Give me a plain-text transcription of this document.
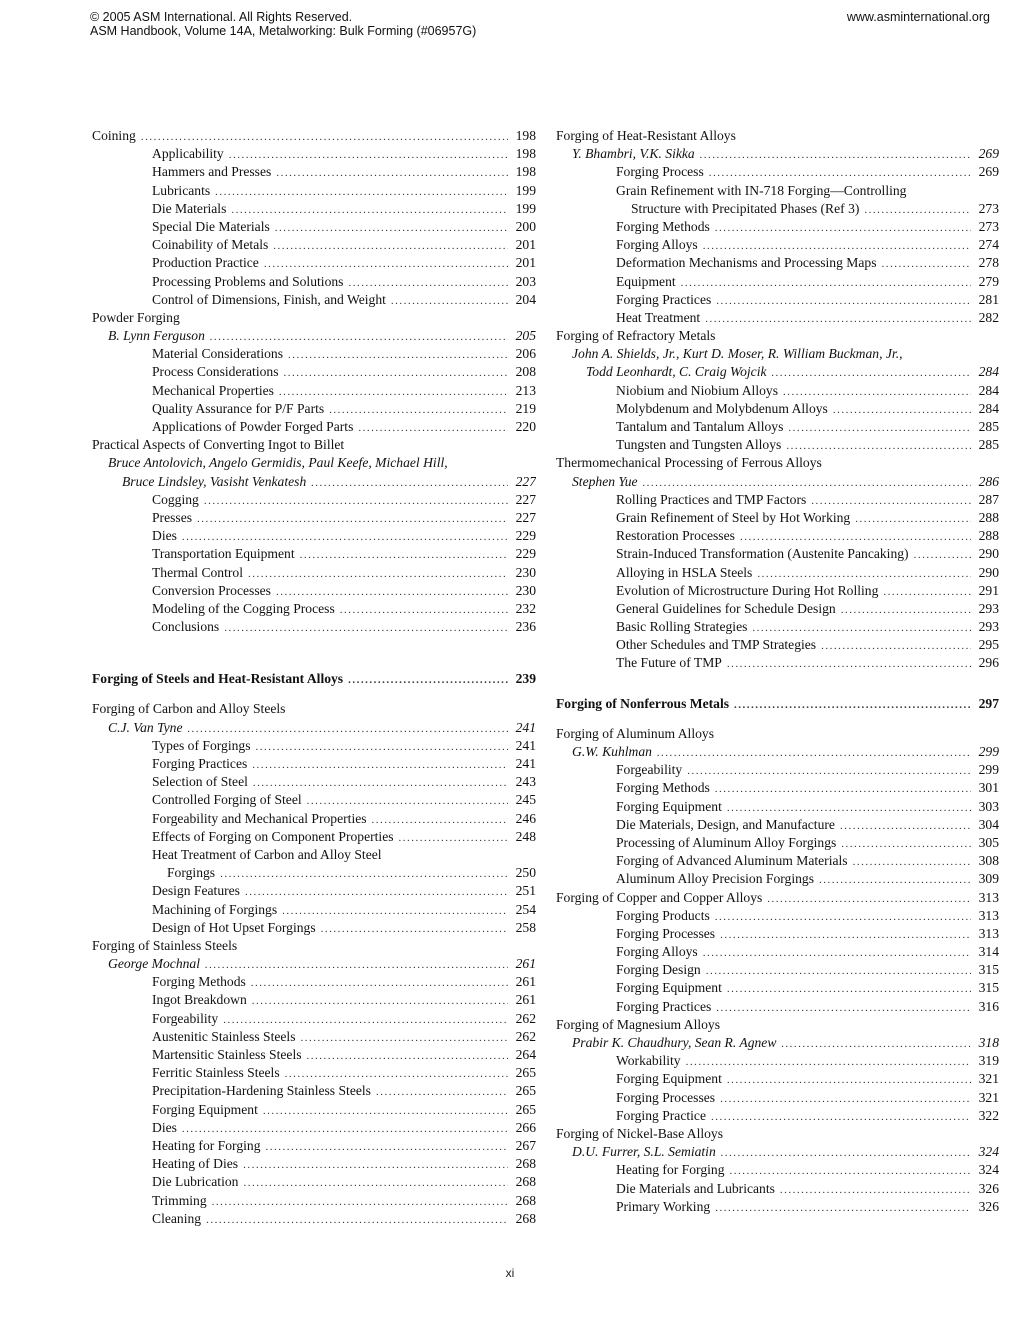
© 2005 ASM International. All Rights Reserved.
ASM Handbook, Volume 14A, Metalworking: Bulk Forming (#06957G)
www.asminternational.org
Coining .....	198
Applicability .....	198
Hammers and Presses .....	198
Lubricants .....	199
Die Materials .....	199
Special Die Materials .....	200
Coinability of Metals .....	201
Production Practice .....	201
Processing Problems and Solutions .....	203
Control of Dimensions, Finish, and Weight .....	204
Powder Forging
B. Lynn Ferguson .....	205
Material Considerations .....	206
Process Considerations .....	208
Mechanical Properties .....	213
Quality Assurance for P/F Parts .....	219
Applications of Powder Forged Parts .....	220
Practical Aspects of Converting Ingot to Billet
Bruce Antolovich, Angelo Germidis, Paul Keefe, Michael Hill,
Bruce Lindsley, Vasisht Venkatesh .....	227
Cogging .....	227
Presses .....	227
Dies .....	229
Transportation Equipment .....	229
Thermal Control .....	230
Conversion Processes .....	230
Modeling of the Cogging Process .....	232
Conclusions .....	236
Forging of Steels and Heat-Resistant Alloys .....	239
Forging of Carbon and Alloy Steels
C.J. Van Tyne .....	241
Types of Forgings .....	241
Forging Practices .....	241
Selection of Steel .....	243
Controlled Forging of Steel .....	245
Forgeability and Mechanical Properties .....	246
Effects of Forging on Component Properties .....	248
Heat Treatment of Carbon and Alloy Steel
Forgings .....	250
Design Features .....	251
Machining of Forgings .....	254
Design of Hot Upset Forgings .....	258
Forging of Stainless Steels
George Mochnal .....	261
Forging Methods .....	261
Ingot Breakdown .....	261
Forgeability .....	262
Austenitic Stainless Steels .....	262
Martensitic Stainless Steels .....	264
Ferritic Stainless Steels .....	265
Precipitation-Hardening Stainless Steels .....	265
Forging Equipment .....	265
Dies .....	266
Heating for Forging .....	267
Heating of Dies .....	268
Die Lubrication .....	268
Trimming .....	268
Cleaning .....	268
Forging of Heat-Resistant Alloys
Y. Bhambri, V.K. Sikka .....	269
Forging Process .....	269
Grain Refinement with IN-718 Forging—Controlling
Structure with Precipitated Phases (Ref 3) .....	273
Forging Methods .....	273
Forging Alloys .....	274
Deformation Mechanisms and Processing Maps .....	278
Equipment .....	279
Forging Practices .....	281
Heat Treatment .....	282
Forging of Refractory Metals
John A. Shields, Jr., Kurt D. Moser, R. William Buckman, Jr.,
Todd Leonhardt, C. Craig Wojcik .....	284
Niobium and Niobium Alloys .....	284
Molybdenum and Molybdenum Alloys .....	284
Tantalum and Tantalum Alloys .....	285
Tungsten and Tungsten Alloys .....	285
Thermomechanical Processing of Ferrous Alloys
Stephen Yue .....	286
Rolling Practices and TMP Factors .....	287
Grain Refinement of Steel by Hot Working .....	288
Restoration Processes .....	288
Strain-Induced Transformation (Austenite Pancaking) .....	290
Alloying in HSLA Steels .....	290
Evolution of Microstructure During Hot Rolling .....	291
General Guidelines for Schedule Design .....	293
Basic Rolling Strategies .....	293
Other Schedules and TMP Strategies .....	295
The Future of TMP .....	296
Forging of Nonferrous Metals .....	297
Forging of Aluminum Alloys
G.W. Kuhlman .....	299
Forgeability .....	299
Forging Methods .....	301
Forging Equipment .....	303
Die Materials, Design, and Manufacture .....	304
Processing of Aluminum Alloy Forgings .....	305
Forging of Advanced Aluminum Materials .....	308
Aluminum Alloy Precision Forgings .....	309
Forging of Copper and Copper Alloys .....	313
Forging Products .....	313
Forging Processes .....	313
Forging Alloys .....	314
Forging Design .....	315
Forging Equipment .....	315
Forging Practices .....	316
Forging of Magnesium Alloys
Prabir K. Chaudhury, Sean R. Agnew .....	318
Workability .....	319
Forging Equipment .....	321
Forging Processes .....	321
Forging Practice .....	322
Forging of Nickel-Base Alloys
D.U. Furrer, S.L. Semiatin .....	324
Heating for Forging .....	324
Die Materials and Lubricants .....	326
Primary Working .....	326
xi
